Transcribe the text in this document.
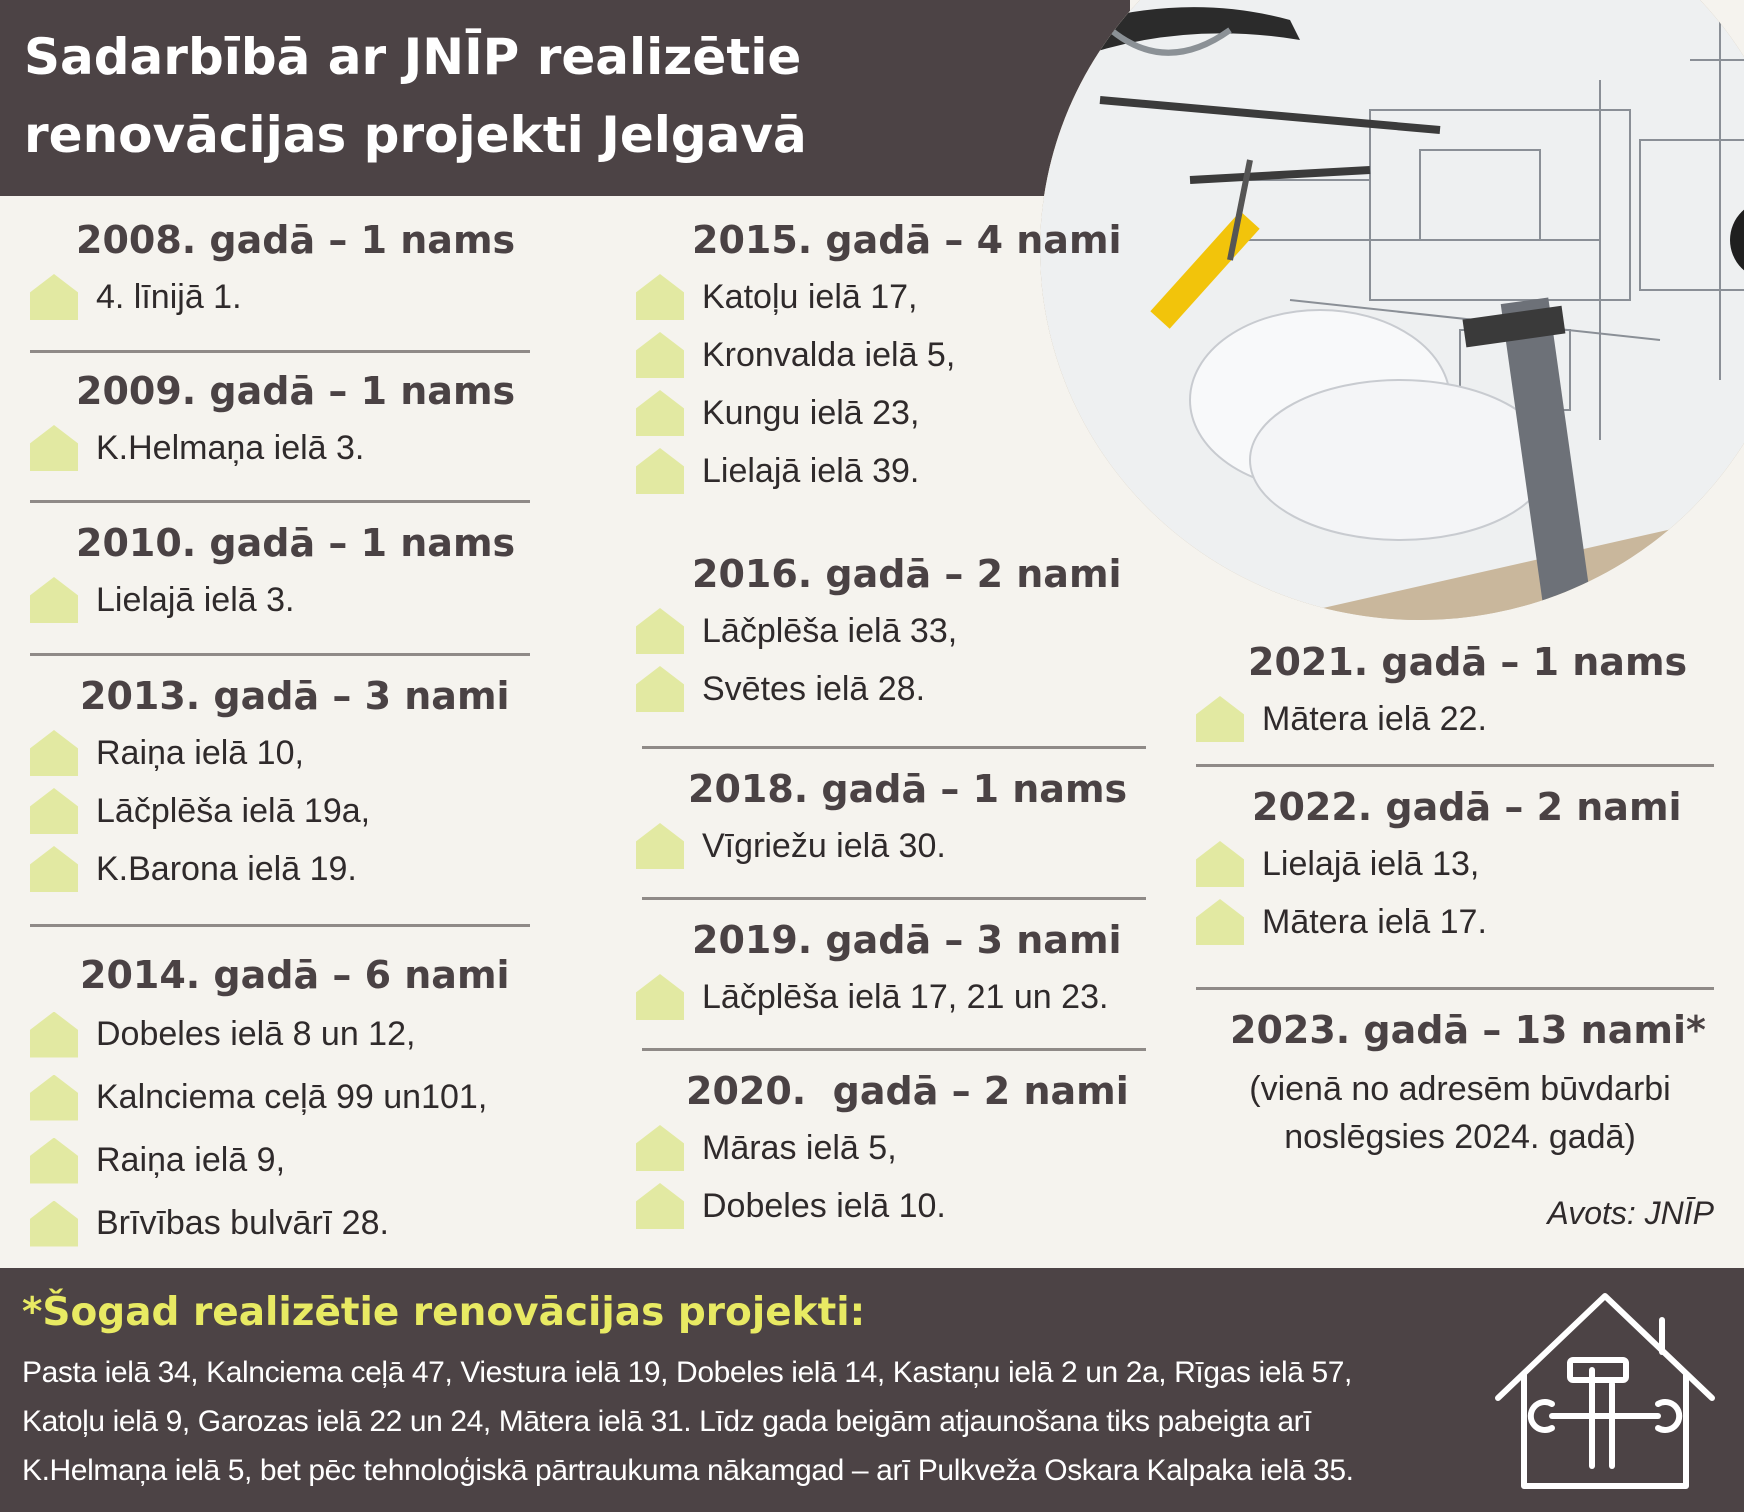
Sadarbībā ar JNĪP realizētie
renovācijas projekti Jelgavā
2008. gadā – 1 nams
4. līnijā 1.
2009. gadā – 1 nams
K.Helmaņa ielā 3.
2010. gadā – 1 nams
Lielajā ielā 3.
2013. gadā – 3 nami
Raiņa ielā 10,
Lāčplēša ielā 19a,
K.Barona ielā 19.
2014. gadā – 6 nami
Dobeles ielā 8 un 12,
Kalnciema ceļā 99 un101,
Raiņa ielā 9,
Brīvības bulvārī 28.
2015. gadā – 4 nami
Katoļu ielā 17,
Kronvalda ielā 5,
Kungu ielā 23,
Lielajā ielā 39.
2016. gadā – 2 nami
Lāčplēša ielā 33,
Svētes ielā 28.
2018. gadā – 1 nams
Vīgriežu ielā 30.
2019. gadā – 3 nami
Lāčplēša ielā 17, 21 un 23.
2020.  gadā – 2 nami
Māras ielā 5,
Dobeles ielā 10.
2021. gadā – 1 nams
Mātera ielā 22.
2022. gadā – 2 nami
Lielajā ielā 13,
Mātera ielā 17.
2023. gadā – 13 nami*
(vienā no adresēm būvdarbi
noslēgsies 2024. gadā)
Avots: JNĪP
*Šogad realizētie renovācijas projekti:
Pasta ielā 34, Kalnciema ceļā 47, Viestura ielā 19, Dobeles ielā 14, Kastaņu ielā 2 un 2a, Rīgas ielā 57,
Katoļu ielā 9, Garozas ielā 22 un 24, Mātera ielā 31. Līdz gada beigām atjaunošana tiks pabeigta arī
K.Helmaņa ielā 5, bet pēc tehnoloģiskā pārtraukuma nākamgad – arī Pulkveža Oskara Kalpaka ielā 35.
